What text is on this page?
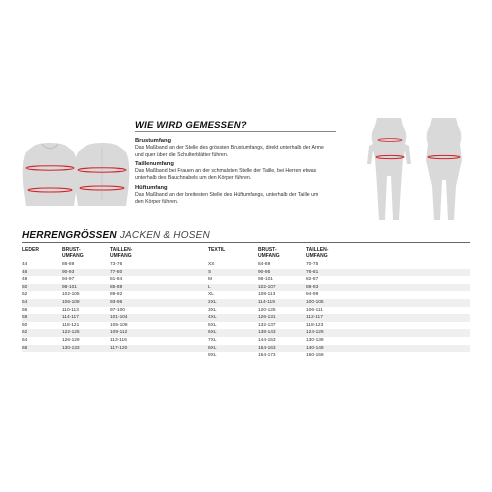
WIE WIRD GEMESSEN?
Brustumfang
Das Maßband an der Stelle des grössten Brustumfangs, direkt unterhalb der Arme
und quer über die Schulterblätter führen.
Taillenumfang
Das Maßband bei Frauen an der schmalsten Stelle der Taille, bei Herren etwas
unterhalb des Bauchnabels um den Körper führen.
Hüftumfang
Das Maßband an der breitesten Stelle des Hüftumfangs, unterhalb der Taille um
den Körper führen.
HERRENGRÖSSEN JACKEN & HOSEN
LEDER	BRUST-
UMFANG
TAILLEN-
UMFANG
TEXTIL	BRUST-
UMFANG
TAILLEN-
UMFANG
44	86-89	73-76	XS	84-89	70-75
46	90-93	77-80	S	90-95	76-81
48	94-97	81-84	M	96-101	82-87
50	98-101	85-88	L	102-107	88-93
52	102-105	89-92	XL	108-113	94-99
54	106-109	93-96	2XL	114-119	100-105
56	110-113	97-100	3XL	120-125	106-111
58	114-117	101-104	4XL	126-131	112-117
60	118-121	105-108	5XL	132-137	118-123
62	122-125	109-112	6XL	138-143	124-129
64	126-129	113-116	7XL	144-153	130-139
66	130-133	117-120	8XL	154-163	140-149
9XL	164-173	150-159
